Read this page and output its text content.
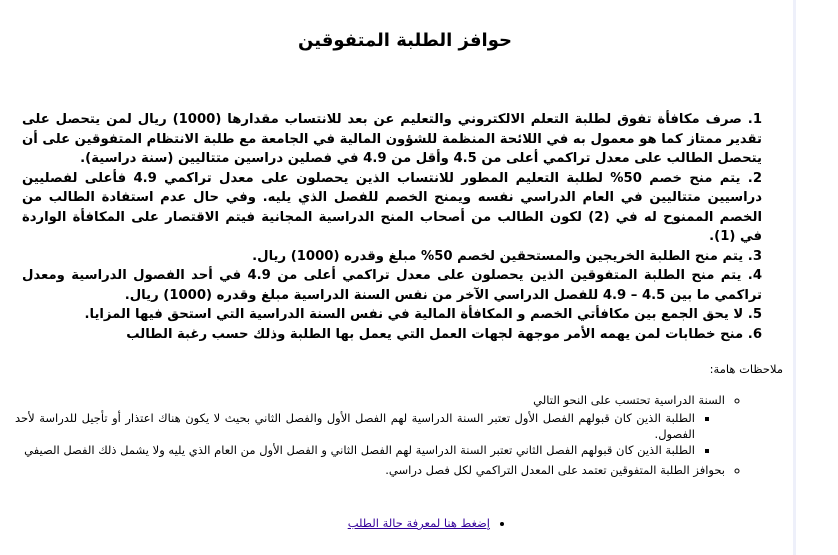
حوافز الطلبة المتفوقين
1. صرف مكافأة تفوق لطلبة التعلم الالكتروني والتعليم عن بعد للانتساب مقدارها (1000) ريال لمن يتحصل على تقدير ممتاز كما هو معمول به في اللائحة المنظمة للشؤون المالية في الجامعة مع طلبة الانتظام المتفوقين على أن يتحصل الطالب على معدل تراكمي أعلى من 4.5 وأقل من 4.9 في فصلين دراسين متتاليين (سنة دراسية).
2. يتم منح خصم 50% لطلبة التعليم المطور للانتساب الذين يحصلون على معدل تراكمي 4.9 فأعلى لفصليين دراسيين متتاليين في العام الدراسي نفسه ويمنح الخصم للفصل الذي يليه. وفي حال عدم استفادة الطالب من الخصم الممنوح له في (2) لكون الطالب من أصحاب المنح الدراسية المجانية فيتم الاقتصار على المكافأة الواردة في (1).
3. يتم منح الطلبة الخريجين والمستحقين لخصم 50% مبلغ وقدره (1000) ريال.
4. يتم منح الطلبة المتفوقين الذين يحصلون على معدل تراكمي أعلى من 4.9 في أحد الفصول الدراسية ومعدل تراكمي ما بين 4.5 – 4.9 للفصل الدراسي الآخر من نفس السنة الدراسية مبلغ وقدره (1000) ريال.
5. لا يحق الجمع بين مكافأتي الخصم و المكافأة المالية في نفس السنة الدراسية التي استحق فيها المزايا.
6. منح خطابات لمن يهمه الأمر موجهة لجهات العمل التي يعمل بها الطلبة وذلك حسب رغبة الطالب
ملاحظات هامة:
◦ السنة الدراسية تحتسب على النحو التالي
▪ الطلبة الذين كان قبولهم الفصل الأول تعتبر السنة الدراسية لهم الفصل الأول والفصل الثاني بحيث لا يكون هناك اعتذار أو تأجيل للدراسة لأحد الفصول.
▪ الطلبة الذين كان قبولهم الفصل الثاني تعتبر السنة الدراسية لهم الفصل الثاني و الفصل الأول من العام الذي يليه ولا يشمل ذلك الفصل الصيفي
◦ بحوافز الطلبة المتفوقين تعتمد على المعدل التراكمي لكل فصل دراسي.
• إضغط هنا لمعرفة حالة الطلب
